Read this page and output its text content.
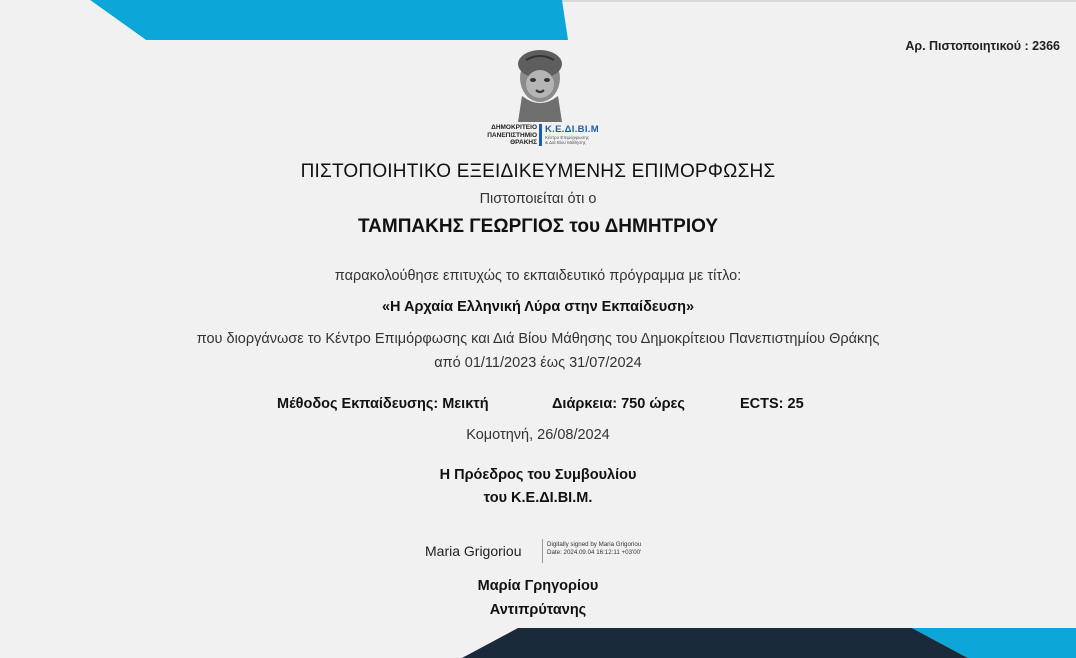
Αρ. Πιστοποιητικού : 2366
ΔΗΜΟΚΡΙΤΕΙΟ
ΠΑΝΕΠΙΣΤΗΜΙΟ
ΘΡΑΚΗΣ
Κ.Ε.ΔΙ.ΒΙ.Μ
Κέντρο Επιμόρφωσης
& Διά Βίου Μάθησης
ΠΙΣΤΟΠΟΙΗΤΙΚΟ ΕΞΕΙΔΙΚΕΥΜΕΝΗΣ ΕΠΙΜΟΡΦΩΣΗΣ
Πιστοποιείται ότι ο
ΤΑΜΠΑΚΗΣ ΓΕΩΡΓΙΟΣ του ΔΗΜΗΤΡΙΟΥ
παρακολούθησε επιτυχώς το εκπαιδευτικό πρόγραμμα με τίτλο:
«Η Αρχαία Ελληνική Λύρα στην Εκπαίδευση»
που διοργάνωσε το Κέντρο Επιμόρφωσης και Διά Βίου Μάθησης του Δημοκρίτειου Πανεπιστημίου Θράκης
από 01/11/2023 έως 31/07/2024
Μέθοδος Εκπαίδευσης: Μεικτή	Διάρκεια: 750 ώρες	ECTS: 25
Κομοτηνή, 26/08/2024
Η Πρόεδρος του Συμβουλίου
του Κ.Ε.ΔΙ.ΒΙ.Μ.
Maria Grigoriou	Digitally signed by Maria Grigoriou
Date: 2024.09.04 16:12:11 +03'00'
Μαρία Γρηγορίου
Αντιπρύτανης
